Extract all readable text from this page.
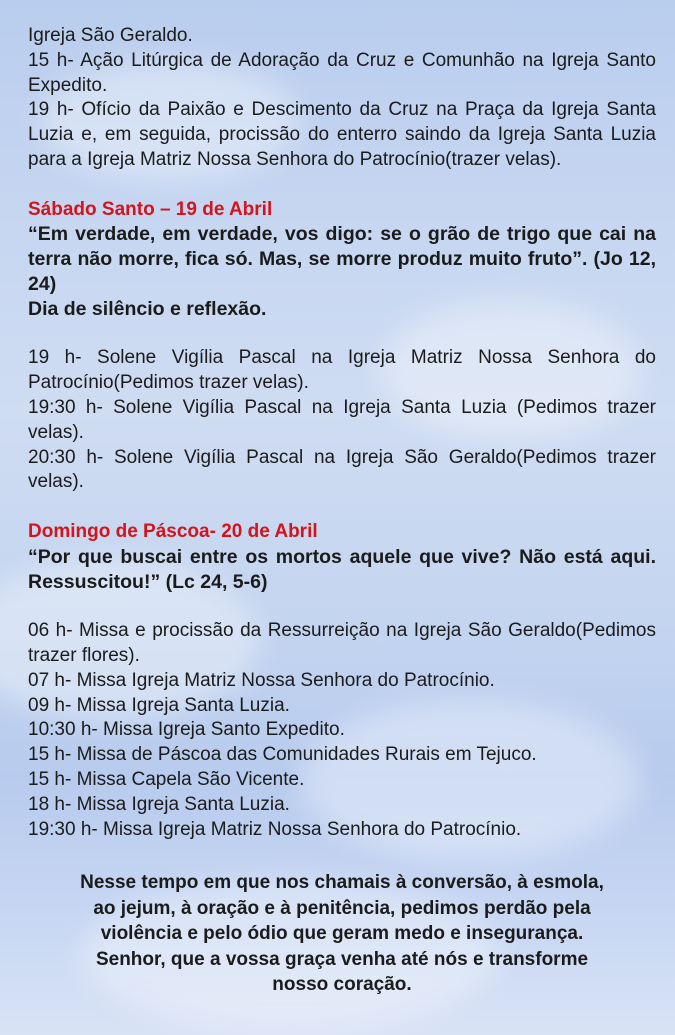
Igreja São Geraldo.

15 h- Ação Litúrgica de Adoração da Cruz e Comunhão na Igreja Santo Expedito.

19 h- Ofício da Paixão e Descimento da Cruz na Praça da Igreja Santa Luzia e, em seguida, procissão do enterro saindo da Igreja Santa Luzia para a Igreja Matriz Nossa Senhora do Patrocínio(trazer velas).

Sábado Santo – 19 de Abril

“Em verdade, em verdade, vos digo: se o grão de trigo que cai na terra não morre, fica só. Mas, se morre produz muito fruto”. (Jo 12, 24)

Dia de silêncio e reflexão.

19 h- Solene Vigília Pascal na Igreja Matriz Nossa Senhora do Patrocínio(Pedimos trazer velas).

19:30 h- Solene Vigília Pascal na Igreja Santa Luzia (Pedimos trazer velas).

20:30 h- Solene Vigília Pascal na Igreja São Geraldo(Pedimos trazer velas).

Domingo de Páscoa- 20 de Abril

“Por que buscai entre os mortos aquele que vive? Não está aqui. Ressuscitou!” (Lc 24, 5-6)

06 h- Missa e procissão da Ressurreição na Igreja São Geraldo(Pedimos trazer flores).

07 h- Missa Igreja Matriz Nossa Senhora do Patrocínio.

09 h- Missa Igreja Santa Luzia.

10:30 h- Missa Igreja Santo Expedito.

15 h- Missa de Páscoa das Comunidades Rurais em Tejuco.

15 h- Missa Capela São Vicente.

18 h- Missa Igreja Santa Luzia.

19:30 h- Missa Igreja Matriz Nossa Senhora do Patrocínio.

Nesse tempo em que nos chamais à conversão, à esmola,

ao jejum, à oração e à penitência, pedimos perdão pela

violência e pelo ódio que geram medo e insegurança.

Senhor, que a vossa graça venha até nós e transforme

nosso coração.
